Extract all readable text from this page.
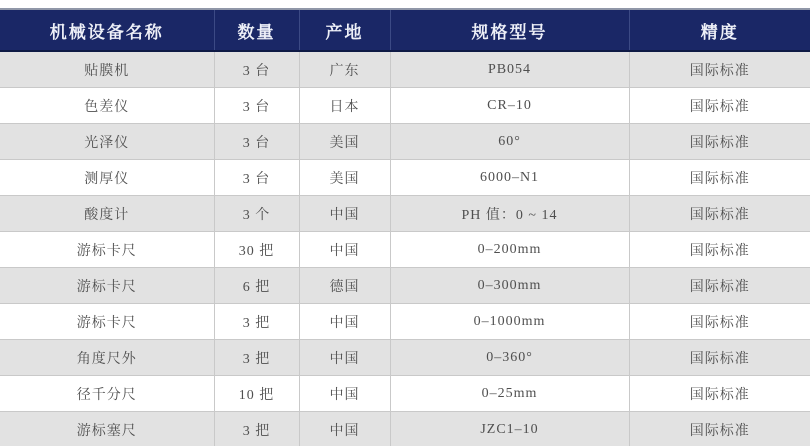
机械设备名称	数量	产地	规格型号	精度
贴膜机	3 台	广东	PB054	国际标准
色差仪	3 台	日本	CR–10	国际标准
光泽仪	3 台	美国	60°	国际标准
测厚仪	3 台	美国	6000–N1	国际标准
酸度计	3 个	中国	PH 值：0 ~ 14	国际标准
游标卡尺	30 把	中国	0–200mm	国际标准
游标卡尺	6 把	德国	0–300mm	国际标准
游标卡尺	3 把	中国	0–1000mm	国际标准
角度尺外	3 把	中国	0–360°	国际标准
径千分尺	10 把	中国	0–25mm	国际标准
游标塞尺	3 把	中国	JZC1–10	国际标准
